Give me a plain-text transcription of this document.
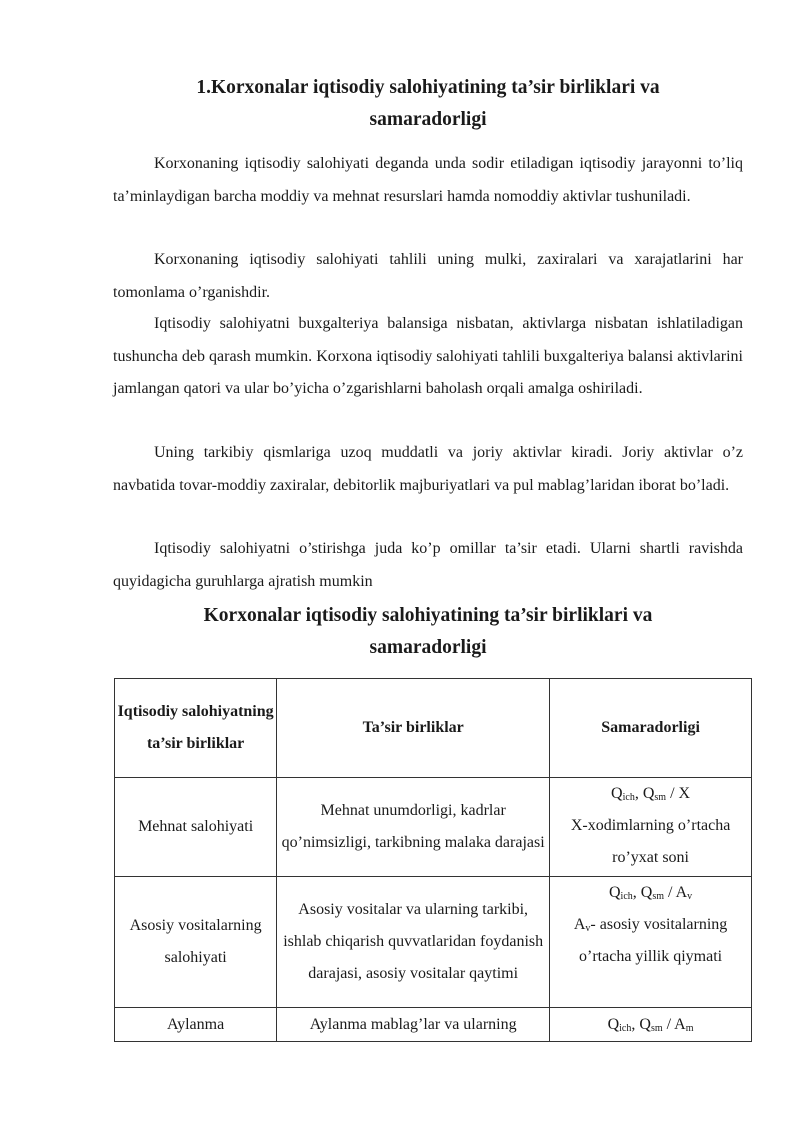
1.Korxonalar iqtisodiy salohiyatining ta’sir birliklari va
samaradorligi

Korxonaning iqtisodiy salohiyati deganda unda sodir etiladigan iqtisodiy jarayonni to’liq ta’minlaydigan barcha moddiy va mehnat resurslari hamda nomoddiy aktivlar tushuniladi.

Korxonaning iqtisodiy salohiyati tahlili uning mulki, zaxiralari va xarajatlarini har tomonlama o’rganishdir.

Iqtisodiy salohiyatni buxgalteriya balansiga nisbatan, aktivlarga nisbatan ishlatiladigan tushuncha deb qarash mumkin. Korxona iqtisodiy salohiyati tahlili buxgalteriya balansi aktivlarini jamlangan qatori va ular bo’yicha o’zgarishlarni baholash orqali amalga oshiriladi.

Uning tarkibiy qismlariga uzoq muddatli va joriy aktivlar kiradi. Joriy aktivlar o’z navbatida tovar-moddiy zaxiralar, debitorlik majburiyatlari va pul mablag’laridan iborat bo’ladi.

Iqtisodiy salohiyatni o’stirishga juda ko’p omillar ta’sir etadi. Ularni shartli ravishda quyidagicha guruhlarga ajratish mumkin

Korxonalar iqtisodiy salohiyatining ta’sir birliklari va
samaradorligi
Iqtisodiy salohiyatning ta’sir birliklar	Ta’sir birliklar	Samaradorligi
Mehnat salohiyati	Mehnat unumdorligi, kadrlar qo’nimsizligi, tarkibning malaka darajasi	$Q_{ich}$, $Q_{sm}$ / X
X-xodimlarning o’rtacha ro’yxat soni

Asosiy vositalarning salohiyati	Asosiy vositalar va ularning tarkibi, ishlab chiqarish quvvatlaridan foydanish darajasi, asosiy vositalar qaytimi	$Q_{ich}$, $Q_{sm} / A_v$
$A_v-$ asosiy vositalarning o’rtacha yillik qiymati

Aylanma	Aylanma mablag’lar va ularning	$Q_{ich}$, $Q_{sm} / A_m$
